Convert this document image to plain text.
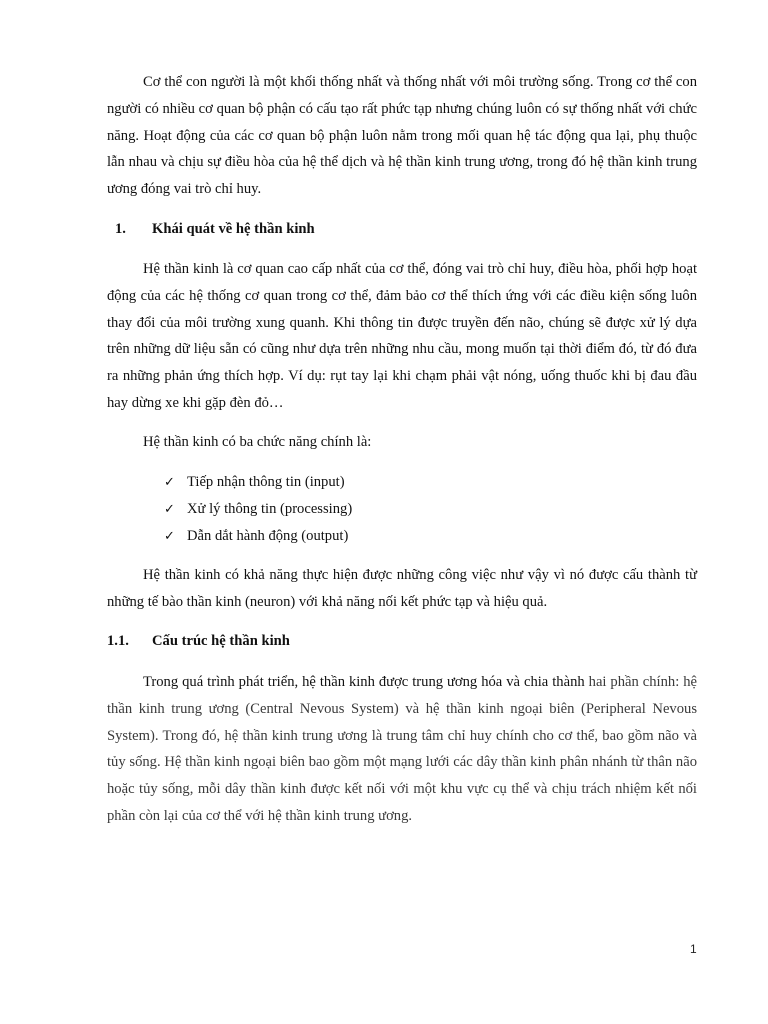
Cơ thể con người là một khối thống nhất và thống nhất với môi trường sống. Trong cơ thể con người có nhiều cơ quan bộ phận có cấu tạo rất phức tạp nhưng chúng luôn có sự thống nhất với chức năng. Hoạt động của các cơ quan bộ phận luôn nằm trong mối quan hệ tác động qua lại, phụ thuộc lẫn nhau và chịu sự điều hòa của hệ thể dịch và hệ thần kinh trung ương, trong đó hệ thần kinh trung ương đóng vai trò chỉ huy.

1. Khái quát về hệ thần kinh

Hệ thần kinh là cơ quan cao cấp nhất của cơ thể, đóng vai trò chỉ huy, điều hòa, phối hợp hoạt động của các hệ thống cơ quan trong cơ thể, đảm bảo cơ thể thích ứng với các điều kiện sống luôn thay đổi của môi trường xung quanh. Khi thông tin được truyền đến não, chúng sẽ được xử lý dựa trên những dữ liệu sẵn có cũng như dựa trên những nhu cầu, mong muốn tại thời điểm đó, từ đó đưa ra những phản ứng thích hợp. Ví dụ: rụt tay lại khi chạm phải vật nóng, uống thuốc khi bị đau đầu hay dừng xe khi gặp đèn đỏ…

Hệ thần kinh có ba chức năng chính là:

✓ Tiếp nhận thông tin (input)
✓ Xử lý thông tin (processing)
✓ Dẫn dắt hành động (output)

Hệ thần kinh có khả năng thực hiện được những công việc như vậy vì nó được cấu thành từ những tế bào thần kinh (neuron) với khả năng nối kết phức tạp và hiệu quả.

1.1. Cấu trúc hệ thần kinh

Trong quá trình phát triển, hệ thần kinh được trung ương hóa và chia thành hai phần chính: hệ thần kinh trung ương (Central Nevous System) và hệ thần kinh ngoại biên (Peripheral Nevous System). Trong đó, hệ thần kinh trung ương là trung tâm chỉ huy chính cho cơ thể, bao gồm não và tủy sống. Hệ thần kinh ngoại biên bao gồm một mạng lưới các dây thần kinh phân nhánh từ thân não hoặc tủy sống, mỗi dây thần kinh được kết nối với một khu vực cụ thể và chịu trách nhiệm kết nối phần còn lại của cơ thể với hệ thần kinh trung ương.

1
